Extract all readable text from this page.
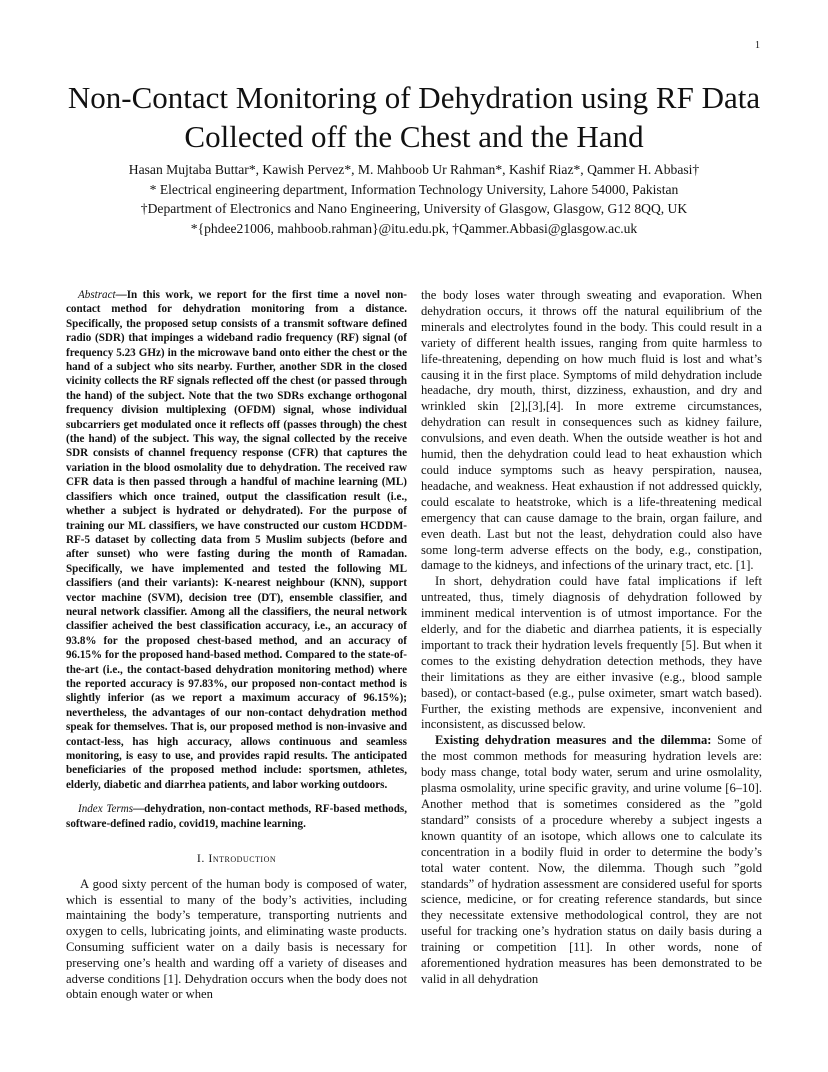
1
Non-Contact Monitoring of Dehydration using RF Data Collected off the Chest and the Hand
Hasan Mujtaba Buttar*, Kawish Pervez*, M. Mahboob Ur Rahman*, Kashif Riaz*, Qammer H. Abbasi†
* Electrical engineering department, Information Technology University, Lahore 54000, Pakistan
†Department of Electronics and Nano Engineering, University of Glasgow, Glasgow, G12 8QQ, UK
*{phdee21006, mahboob.rahman}@itu.edu.pk, †Qammer.Abbasi@glasgow.ac.uk

Abstract—In this work, we report for the first time a novel non-contact method for dehydration monitoring from a distance. Specifically, the proposed setup consists of a transmit software defined radio (SDR) that impinges a wideband radio frequency (RF) signal (of frequency 5.23 GHz) in the microwave band onto either the chest or the hand of a subject who sits nearby. Further, another SDR in the closed vicinity collects the RF signals reflected off the chest (or passed through the hand) of the subject. Note that the two SDRs exchange orthogonal frequency division multiplexing (OFDM) signal, whose individual subcarriers get modulated once it reflects off (passes through) the chest (the hand) of the subject. This way, the signal collected by the receive SDR consists of channel frequency response (CFR) that captures the variation in the blood osmolality due to dehydration. The received raw CFR data is then passed through a handful of machine learning (ML) classifiers which once trained, output the classification result (i.e., whether a subject is hydrated or dehydrated). For the purpose of training our ML classifiers, we have constructed our custom HCDDM-RF-5 dataset by collecting data from 5 Muslim subjects (before and after sunset) who were fasting during the month of Ramadan. Specifically, we have implemented and tested the following ML classifiers (and their variants): K-nearest neighbour (KNN), support vector machine (SVM), decision tree (DT), ensemble classifier, and neural network classifier. Among all the classifiers, the neural network classifier acheived the best classification accuracy, i.e., an accuracy of 93.8% for the proposed chest-based method, and an accuracy of 96.15% for the proposed hand-based method. Compared to the state-of-the-art (i.e., the contact-based dehydration monitoring method) where the reported accuracy is 97.83%, our proposed non-contact method is slightly inferior (as we report a maximum accuracy of 96.15%); nevertheless, the advantages of our non-contact dehydration method speak for themselves. That is, our proposed method is non-invasive and contact-less, has high accuracy, allows continuous and seamless monitoring, is easy to use, and provides rapid results. The anticipated beneficiaries of the proposed method include: sportsmen, athletes, elderly, diabetic and diarrhea patients, and labor working outdoors.

Index Terms—dehydration, non-contact methods, RF-based methods, software-defined radio, covid19, machine learning.

I. Introduction

A good sixty percent of the human body is composed of water, which is essential to many of the body’s activities, including maintaining the body’s temperature, transporting nutrients and oxygen to cells, lubricating joints, and eliminating waste products. Consuming sufficient water on a daily basis is necessary for preserving one’s health and warding off a variety of diseases and adverse conditions [1]. Dehydration occurs when the body does not obtain enough water or when

the body loses water through sweating and evaporation. When dehydration occurs, it throws off the natural equilibrium of the minerals and electrolytes found in the body. This could result in a variety of different health issues, ranging from quite harmless to life-threatening, depending on how much fluid is lost and what’s causing it in the first place. Symptoms of mild dehydration include headache, dry mouth, thirst, dizziness, exhaustion, and dry and wrinkled skin [2],[3],[4]. In more extreme circumstances, dehydration can result in consequences such as kidney failure, convulsions, and even death. When the outside weather is hot and humid, then the dehydration could lead to heat exhaustion which could induce symptoms such as heavy perspiration, nausea, headache, and weakness. Heat exhaustion if not addressed quickly, could escalate to heatstroke, which is a life-threatening medical emergency that can cause damage to the brain, organ failure, and even death. Last but not the least, dehydration could also have some long-term adverse effects on the body, e.g., constipation, damage to the kidneys, and infections of the urinary tract, etc. [1].

In short, dehydration could have fatal implications if left untreated, thus, timely diagnosis of dehydration followed by imminent medical intervention is of utmost importance. For the elderly, and for the diabetic and diarrhea patients, it is especially important to track their hydration levels frequently [5]. But when it comes to the existing dehydration detection methods, they have their limitations as they are either invasive (e.g., blood sample based), or contact-based (e.g., pulse oximeter, smart watch based). Further, the existing methods are expensive, inconvenient and inconsistent, as discussed below.

Existing dehydration measures and the dilemma: Some of the most common methods for measuring hydration levels are: body mass change, total body water, serum and urine osmolality, plasma osmolality, urine specific gravity, and urine volume [6–10]. Another method that is sometimes considered as the ”gold standard” consists of a procedure whereby a subject ingests a known quantity of an isotope, which allows one to calculate its concentration in a bodily fluid in order to determine the body’s total water content. Now, the dilemma. Though such ”gold standards” of hydration assessment are considered useful for sports science, medicine, or for creating reference standards, but since they necessitate extensive methodological control, they are not useful for tracking one’s hydration status on daily basis during a training or competition [11]. In other words, none of aforementioned hydration measures has been demonstrated to be valid in all dehydration
